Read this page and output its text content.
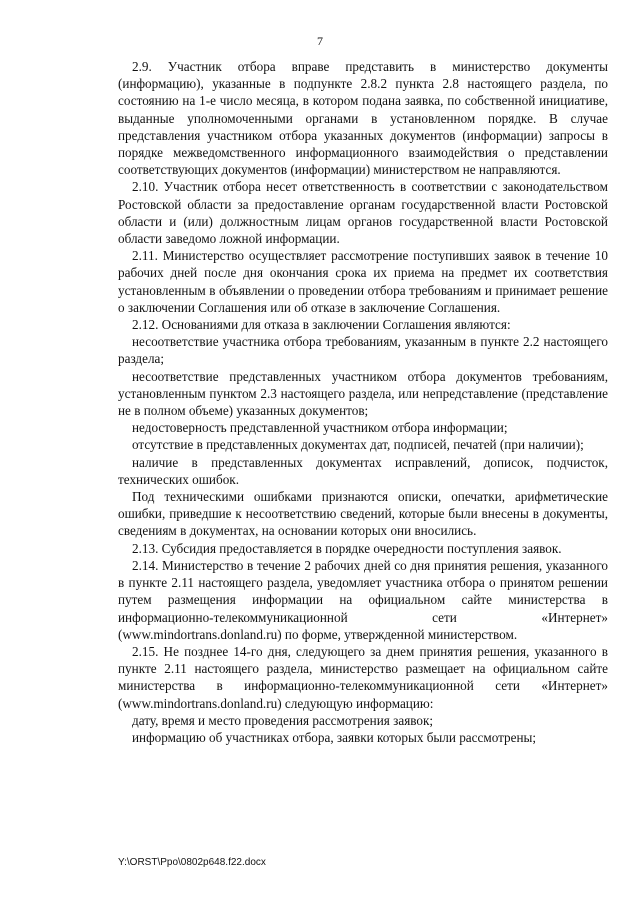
7

2.9. Участник отбора вправе представить в министерство документы (информацию), указанные в подпункте 2.8.2 пункта 2.8 настоящего раздела, по состоянию на 1-е число месяца, в котором подана заявка, по собственной инициативе, выданные уполномоченными органами в установленном порядке. В случае представления участником отбора указанных документов (информации) запросы в порядке межведомственного информационного взаимодействия о представлении соответствующих документов (информации) министерством не направляются.

2.10. Участник отбора несет ответственность в соответствии с законодательством Ростовской области за предоставление органам государственной власти Ростовской области и (или) должностным лицам органов государственной власти Ростовской области заведомо ложной информации.

2.11. Министерство осуществляет рассмотрение поступивших заявок в течение 10 рабочих дней после дня окончания срока их приема на предмет их соответствия установленным в объявлении о проведении отбора требованиям и принимает решение о заключении Соглашения или об отказе в заключение Соглашения.

2.12. Основаниями для отказа в заключении Соглашения являются:

несоответствие участника отбора требованиям, указанным в пункте 2.2 настоящего раздела;

несоответствие представленных участником отбора документов требованиям, установленным пунктом 2.3 настоящего раздела, или непредставление (представление не в полном объеме) указанных документов;

недостоверность представленной участником отбора информации;

отсутствие в представленных документах дат, подписей, печатей (при наличии);

наличие в представленных документах исправлений, дописок, подчисток, технических ошибок.

Под техническими ошибками признаются описки, опечатки, арифметические ошибки, приведшие к несоответствию сведений, которые были внесены в документы, сведениям в документах, на основании которых они вносились.

2.13. Субсидия предоставляется в порядке очередности поступления заявок.

2.14. Министерство в течение 2 рабочих дней со дня принятия решения, указанного в пункте 2.11 настоящего раздела, уведомляет участника отбора о принятом решении путем размещения информации на официальном сайте министерства в информационно-телекоммуникационной сети «Интернет» (www.mindortrans.donland.ru) по форме, утвержденной министерством.

2.15. Не позднее 14-го дня, следующего за днем принятия решения, указанного в пункте 2.11 настоящего раздела, министерство размещает на официальном сайте министерства в информационно-телекоммуникационной сети «Интернет» (www.mindortrans.donland.ru) следующую информацию:

дату, время и место проведения рассмотрения заявок;

информацию об участниках отбора, заявки которых были рассмотрены;

Y:\ORST\Ppo\0802p648.f22.docx
